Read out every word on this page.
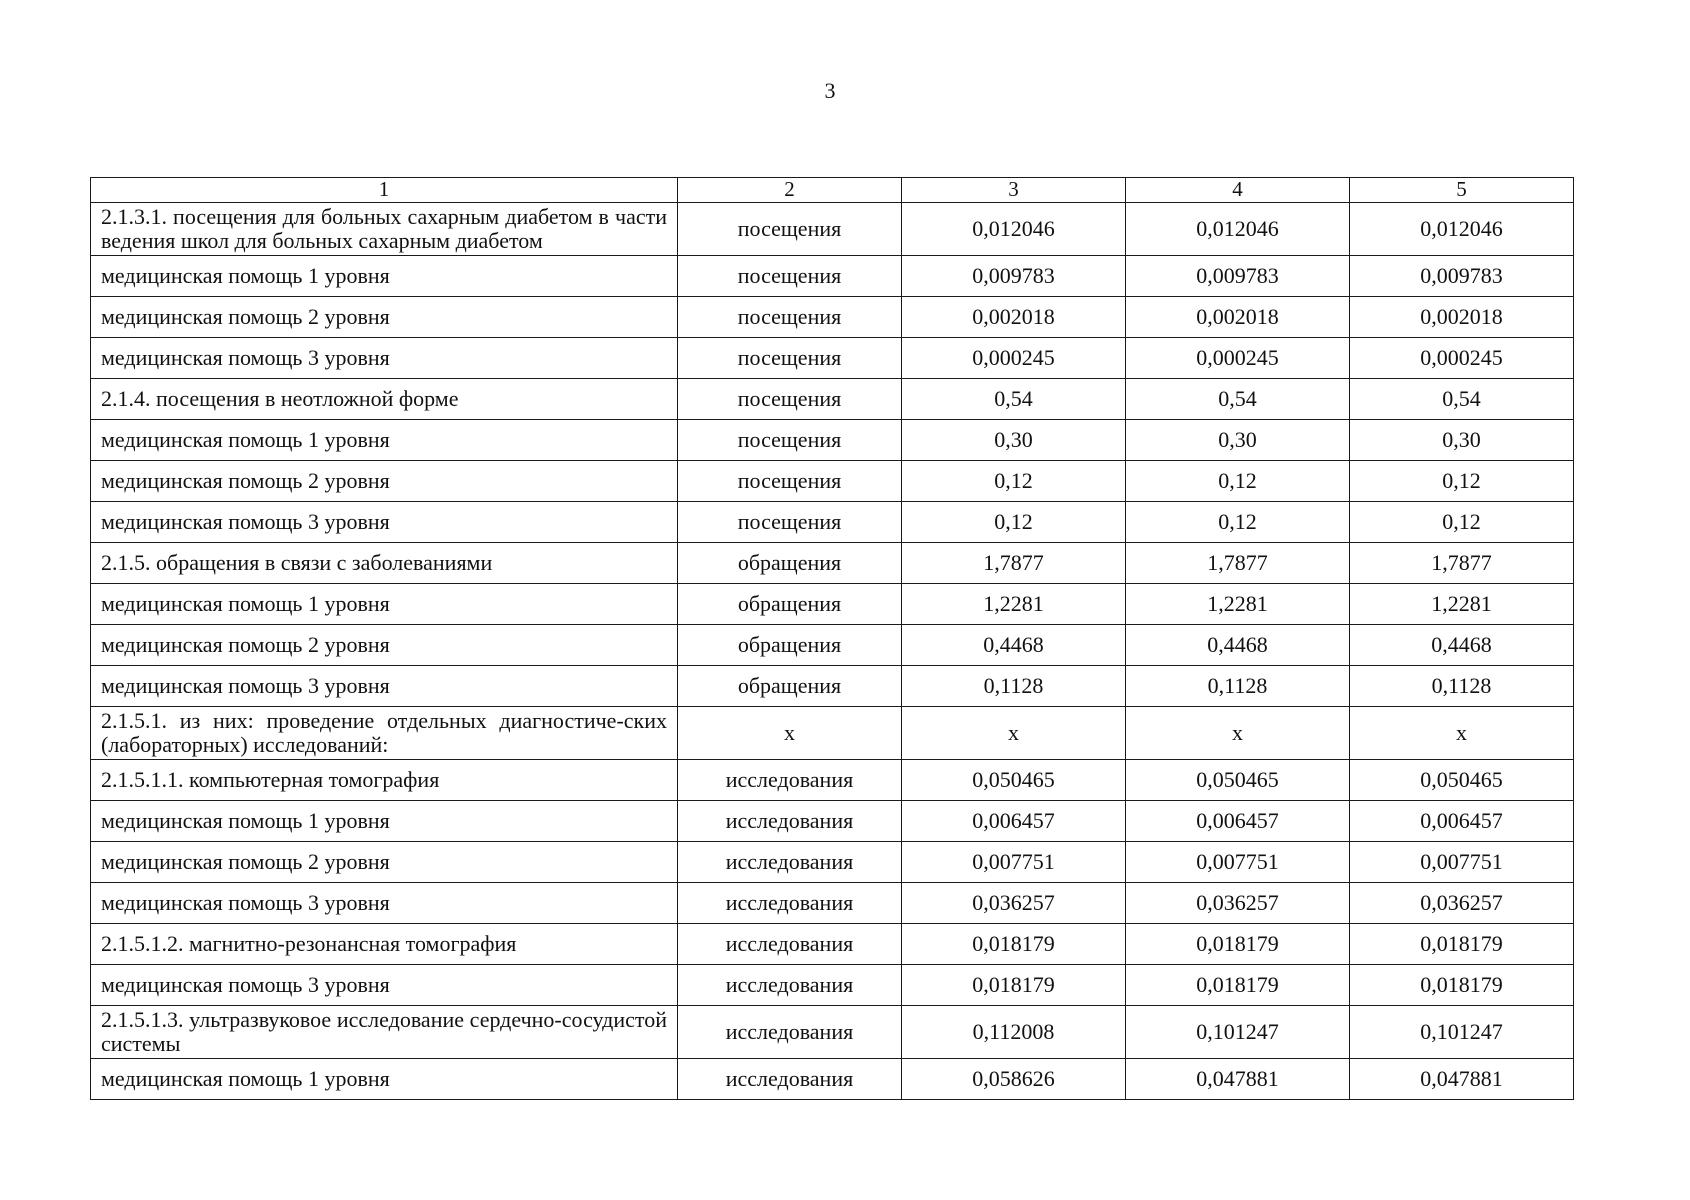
3
1	2	3	4	5
2.1.3.1. посещения для больных сахарным диабетом в части ведения школ для больных сахарным диабетом	посещения	0,012046	0,012046	0,012046
медицинская помощь 1 уровня	посещения	0,009783	0,009783	0,009783
медицинская помощь 2 уровня	посещения	0,002018	0,002018	0,002018
медицинская помощь 3 уровня	посещения	0,000245	0,000245	0,000245
2.1.4. посещения в неотложной форме	посещения	0,54	0,54	0,54
медицинская помощь 1 уровня	посещения	0,30	0,30	0,30
медицинская помощь 2 уровня	посещения	0,12	0,12	0,12
медицинская помощь 3 уровня	посещения	0,12	0,12	0,12
2.1.5. обращения в связи с заболеваниями	обращения	1,7877	1,7877	1,7877
медицинская помощь 1 уровня	обращения	1,2281	1,2281	1,2281
медицинская помощь 2 уровня	обращения	0,4468	0,4468	0,4468
медицинская помощь 3 уровня	обращения	0,1128	0,1128	0,1128
2.1.5.1. из них: проведение отдельных диагностиче-ских (лабораторных) исследований:	x	x	x	x
2.1.5.1.1. компьютерная томография	исследования	0,050465	0,050465	0,050465
медицинская помощь 1 уровня	исследования	0,006457	0,006457	0,006457
медицинская помощь 2 уровня	исследования	0,007751	0,007751	0,007751
медицинская помощь 3 уровня	исследования	0,036257	0,036257	0,036257
2.1.5.1.2. магнитно-резонансная томография	исследования	0,018179	0,018179	0,018179
медицинская помощь 3 уровня	исследования	0,018179	0,018179	0,018179
2.1.5.1.3. ультразвуковое исследование сердечно-сосудистой системы	исследования	0,112008	0,101247	0,101247
медицинская помощь 1 уровня	исследования	0,058626	0,047881	0,047881
